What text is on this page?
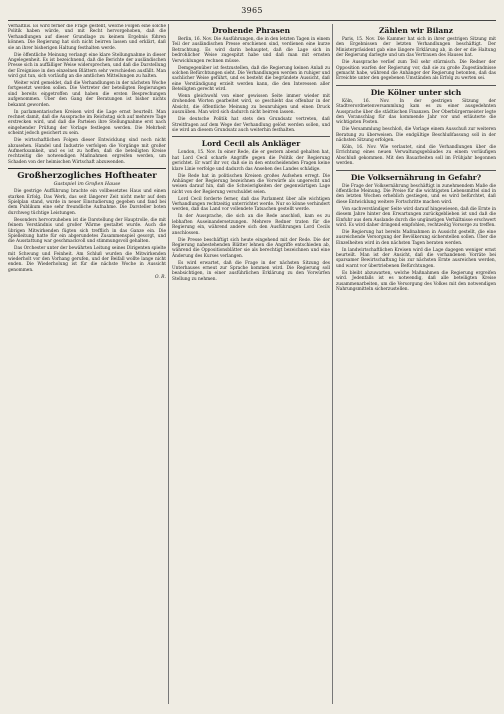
3965

Verhältnis. Es wird ferner die Frage gestellt, welche Folgen eine solche Politik haben würde, und mit Recht hervorgehoben, daß die Verhandlungen auf dieser Grundlage zu keinem Ergebnis führen können. Die Regierung hat sich nicht beirren lassen und erklärt, daß sie an ihrer bisherigen Haltung festhalten werde.

Die öffentliche Meinung verlangt eine klare Stellungnahme in dieser Angelegenheit. Es ist bezeichnend, daß die Berichte der ausländischen Presse sich in auffälliger Weise widersprechen, und daß die Darstellung der Ereignisse in den einzelnen Blättern sehr verschieden ausfällt. Man wird gut tun, sich vorläufig an die amtlichen Mitteilungen zu halten.

Weiter wird gemeldet, daß die Verhandlungen in der nächsten Woche fortgesetzt werden sollen. Die Vertreter der beteiligten Regierungen sind bereits eingetroffen und haben die ersten Besprechungen aufgenommen. Über den Gang der Beratungen ist bisher nichts bekannt geworden.

In parlamentarischen Kreisen wird die Lage ernst beurteilt. Man rechnet damit, daß die Aussprache im Reichstag sich auf mehrere Tage erstrecken wird, und daß die Parteien ihre Stellungnahme erst nach eingehender Prüfung der Vorlage festlegen werden. Die Mehrheit scheint jedoch gesichert zu sein.

Die wirtschaftlichen Folgen dieser Entwicklung sind noch nicht abzusehen. Handel und Industrie verfolgen die Vorgänge mit großer Aufmerksamkeit, und es ist zu hoffen, daß die beteiligten Kreise rechtzeitig die notwendigen Maßnahmen ergreifen werden, um Schaden von der heimischen Wirtschaft abzuwenden.

Großherzogliches Hoftheater
Gastspiel im Großen Hause

Die gestrige Aufführung brachte ein vollbesetztes Haus und einen starken Erfolg. Das Werk, das seit längerer Zeit nicht mehr auf dem Spielplan stand, wurde in neuer Einstudierung gegeben und fand bei dem Publikum eine sehr freundliche Aufnahme. Die Darsteller boten durchweg tüchtige Leistungen.

Besonders hervorzuheben ist die Darstellung der Hauptrolle, die mit feinem Verständnis und großer Wärme gestaltet wurde. Auch die übrigen Mitwirkenden fügten sich trefflich in das Ganze ein. Die Spielleitung hatte für ein abgerundetes Zusammenspiel gesorgt, und die Ausstattung war geschmackvoll und stimmungsvoll gehalten.

Das Orchester unter der bewährten Leitung seines Dirigenten spielte mit Schwung und Feinheit. Am Schluß wurden die Mitwirkenden wiederholt vor den Vorhang gerufen, und der Beifall wollte lange nicht enden. Die Wiederholung ist für die nächste Woche in Aussicht genommen.

O. R.
Drohende Phrasen

Berlin, 16. Nov. Die Ausführungen, die in den letzten Tagen in einem Teil der ausländischen Presse erschienen sind, verdienen eine kurze Betrachtung. Es wird darin behauptet, daß die Lage sich in bedrohlicher Weise zugespitzt habe und daß man mit ernsten Verwicklungen rechnen müsse.

Demgegenüber ist festzustellen, daß die Regierung keinen Anlaß zu solchen Befürchtungen sieht. Die Verhandlungen werden in ruhiger und sachlicher Weise geführt, und es besteht die begründete Aussicht, daß eine Verständigung erzielt werden kann, die den Interessen aller Beteiligten gerecht wird.

Wenn gleichwohl von einer gewissen Seite immer wieder mit drohenden Worten gearbeitet wird, so geschieht das offenbar in der Absicht, die öffentliche Meinung zu beunruhigen und einen Druck auszuüben. Man wird sich dadurch nicht beirren lassen.

Die deutsche Politik hat stets den Grundsatz vertreten, daß Streitfragen auf dem Wege der Verhandlung gelöst werden sollen, und sie wird an diesem Grundsatz auch weiterhin festhalten.

Lord Cecil als Ankläger

London, 15. Nov. In einer Rede, die er gestern abend gehalten hat, hat Lord Cecil scharfe Angriffe gegen die Politik der Regierung gerichtet. Er warf ihr vor, daß sie in den entscheidenden Fragen keine klare Linie verfolge und dadurch das Ansehen des Landes schädige.

Die Rede hat in politischen Kreisen großes Aufsehen erregt. Die Anhänger der Regierung bezeichnen die Vorwürfe als ungerecht und weisen darauf hin, daß die Schwierigkeiten der gegenwärtigen Lage nicht von der Regierung verschuldet seien.

Lord Cecil forderte ferner, daß das Parlament über alle wichtigen Verhandlungen rechtzeitig unterrichtet werde. Nur so könne verhindert werden, daß das Land vor vollendete Tatsachen gestellt werde.

In der Aussprache, die sich an die Rede anschloß, kam es zu lebhaften Auseinandersetzungen. Mehrere Redner traten für die Regierung ein, während andere sich den Ausführungen Lord Cecils anschlossen.

Die Presse beschäftigt sich heute eingehend mit der Rede. Die der Regierung nahestehenden Blätter lehnen die Angriffe entschieden ab, während die Oppositionsblätter sie als berechtigt bezeichnen und eine Änderung des Kurses verlangen.

Es wird erwartet, daß die Frage in der nächsten Sitzung des Unterhauses erneut zur Sprache kommen wird. Die Regierung soll beabsichtigen, in einer ausführlichen Erklärung zu den Vorwürfen Stellung zu nehmen.

Zählen wir Bilanz

Paris, 15. Nov. Die Kammer hat sich in ihrer gestrigen Sitzung mit den Ergebnissen der letzten Verhandlungen beschäftigt. Der Ministerpräsident gab eine längere Erklärung ab, in der er die Haltung der Regierung darlegte und um das Vertrauen des Hauses bat.

Die Aussprache verlief zum Teil sehr stürmisch. Die Redner der Opposition warfen der Regierung vor, daß sie zu große Zugeständnisse gemacht habe, während die Anhänger der Regierung betonten, daß das Erreichte unter den gegebenen Umständen als Erfolg zu werten sei.

Die Kölner unter sich

Köln, 16. Nov. In der gestrigen Sitzung der Stadtverordnetenversammlung kam es zu einer ausgedehnten Aussprache über die städtischen Finanzen. Der Oberbürgermeister legte den Voranschlag für das kommende Jahr vor und erläuterte die wichtigsten Posten.

Die Versammlung beschloß, die Vorlage einem Ausschuß zur weiteren Beratung zu überweisen. Die endgültige Beschlußfassung soll in der nächsten Sitzung erfolgen.

Köln, 16. Nov. Wie verlautet, sind die Verhandlungen über die Errichtung eines neuen Verwaltungsgebäudes zu einem vorläufigen Abschluß gekommen. Mit den Bauarbeiten soll im Frühjahr begonnen werden.

Die Volksernährung in Gefahr?

Die Frage der Volksernährung beschäftigt in zunehmendem Maße die öffentliche Meinung. Die Preise für die wichtigsten Lebensmittel sind in den letzten Wochen erheblich gestiegen, und es wird befürchtet, daß diese Entwicklung weitere Fortschritte machen wird.

Von sachverständiger Seite wird darauf hingewiesen, daß die Ernte in diesem Jahre hinter den Erwartungen zurückgeblieben ist und daß die Einfuhr aus dem Auslande durch die ungünstigen Verhältnisse erschwert wird. Es wird daher dringend empfohlen, rechtzeitig Vorsorge zu treffen.

Die Regierung hat bereits Maßnahmen in Aussicht gestellt, die eine ausreichende Versorgung der Bevölkerung sicherstellen sollen. Über die Einzelheiten wird in den nächsten Tagen beraten werden.

In landwirtschaftlichen Kreisen wird die Lage dagegen weniger ernst beurteilt. Man ist der Ansicht, daß die vorhandenen Vorräte bei sparsamer Bewirtschaftung bis zur nächsten Ernte ausreichen werden, und warnt vor übertriebenen Befürchtungen.

Es bleibt abzuwarten, welche Maßnahmen die Regierung ergreifen wird. Jedenfalls ist es notwendig, daß alle beteiligten Kreise zusammenarbeiten, um die Versorgung des Volkes mit den notwendigen Nahrungsmitteln sicherzustellen.
